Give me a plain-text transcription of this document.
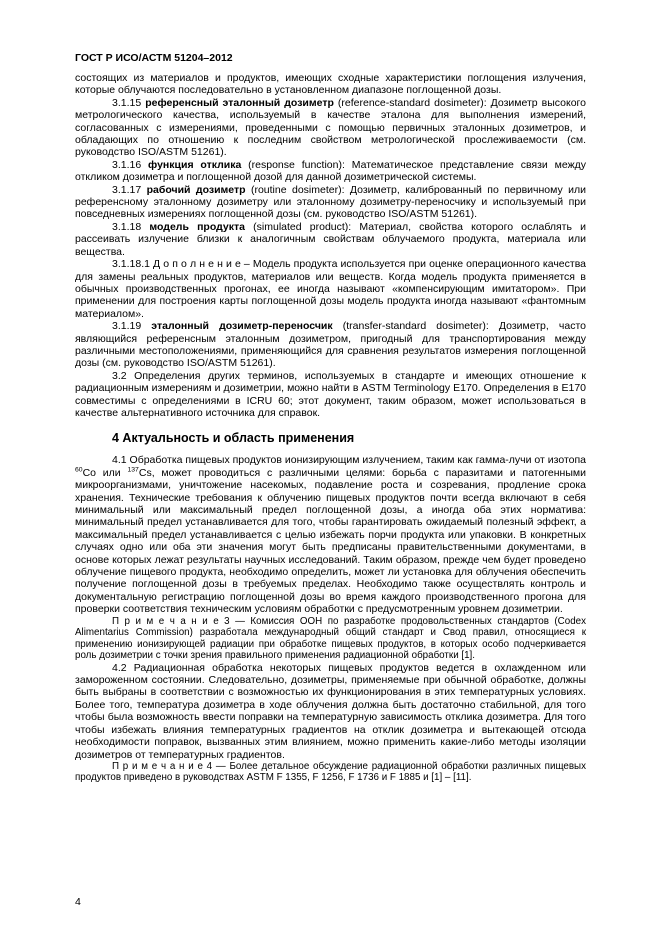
ГОСТ Р ИСО/АСТМ 51204–2012

состоящих из материалов и продуктов, имеющих сходные характеристики поглощения излучения, которые облучаются последовательно в установленном диапазоне поглощенной дозы.

3.1.15 референсный эталонный дозиметр (reference-standard dosimeter): Дозиметр высокого метрологического качества, используемый в качестве эталона для выполнения измерений, согласованных с измерениями, проведенными с помощью первичных эталонных дозиметров, и обладающих по отношению к последним свойством метрологической прослеживаемости (см. руководство ISO/ASTM 51261).

3.1.16 функция отклика (response function): Математическое представление связи между откликом дозиметра и поглощенной дозой для данной дозиметрической системы.

3.1.17 рабочий дозиметр (routine dosimeter): Дозиметр, калиброванный по первичному или референсному эталонному дозиметру или эталонному дозиметру-переносчику и используемый при повседневных измерениях поглощенной дозы (см. руководство ISO/ASTM 51261).

3.1.18 модель продукта (simulated product): Материал, свойства которого ослаблять и рассеивать излучение близки к аналогичным свойствам облучаемого продукта, материала или вещества.

3.1.18.1 Д о п о л н е н и е – Модель продукта используется при оценке операционного качества для замены реальных продуктов, материалов или веществ. Когда модель продукта применяется в обычных производственных прогонах, ее иногда называют «компенсирующим имитатором». При применении для построения карты поглощенной дозы модель продукта иногда называют «фантомным материалом».

3.1.19 эталонный дозиметр-переносчик (transfer-standard dosimeter): Дозиметр, часто являющийся референсным эталонным дозиметром, пригодный для транспортирования между различными местоположениями, применяющийся для сравнения результатов измерения поглощенной дозы (см. руководство ISO/ASTM 51261).

3.2 Определения других терминов, используемых в стандарте и имеющих отношение к радиационным измерениям и дозиметрии, можно найти в ASTM Terminology E170. Определения в E170 совместимы с определениями в ICRU 60; этот документ, таким образом, может использоваться в качестве альтернативного источника для справок.

4 Актуальность и область применения

4.1 Обработка пищевых продуктов ионизирующим излучением, таким как гамма-лучи от изотопа $^{60}$Co или $^{137}$Cs, может проводиться с различными целями: борьба с паразитами и патогенными микроорганизмами, уничтожение насекомых, подавление роста и созревания, продление срока хранения. Технические требования к облучению пищевых продуктов почти всегда включают в себя минимальный или максимальный предел поглощенной дозы, а иногда оба этих норматива: минимальный предел устанавливается для того, чтобы гарантировать ожидаемый полезный эффект, а максимальный предел устанавливается с целью избежать порчи продукта или упаковки. В конкретных случаях одно или оба эти значения могут быть предписаны правительственными документами, в основе которых лежат результаты научных исследований. Таким образом, прежде чем будет проведено облучение пищевого продукта, необходимо определить, может ли установка для облучения обеспечить получение поглощенной дозы в требуемых пределах. Необходимо также осуществлять контроль и документальную регистрацию поглощенной дозы во время каждого производственного прогона для проверки соответствия техническим условиям обработки с предусмотренным уровнем дозиметрии.

П р и м е ч а н и е 3 — Комиссия ООН по разработке продовольственных стандартов (Codex Alimentarius Commission) разработала международный общий стандарт и Свод правил, относящиеся к применению ионизирующей радиации при обработке пищевых продуктов, в которых особо подчеркивается роль дозиметрии с точки зрения правильного применения радиационной обработки [1].

4.2 Радиационная обработка некоторых пищевых продуктов ведется в охлажденном или замороженном состоянии. Следовательно, дозиметры, применяемые при обычной обработке, должны быть выбраны в соответствии с возможностью их функционирования в этих температурных условиях. Более того, температура дозиметра в ходе облучения должна быть достаточно стабильной, для того чтобы была возможность ввести поправки на температурную зависимость отклика дозиметра. Для того чтобы избежать влияния температурных градиентов на отклик дозиметра и вытекающей отсюда необходимости поправок, вызванных этим влиянием, можно применить какие-либо методы изоляции дозиметров от температурных градиентов.

П р и м е ч а н и е 4 — Более детальное обсуждение радиационной обработки различных пищевых продуктов приведено в руководствах ASTM F 1355, F 1256, F 1736 и F 1885 и [1] – [11].

4
